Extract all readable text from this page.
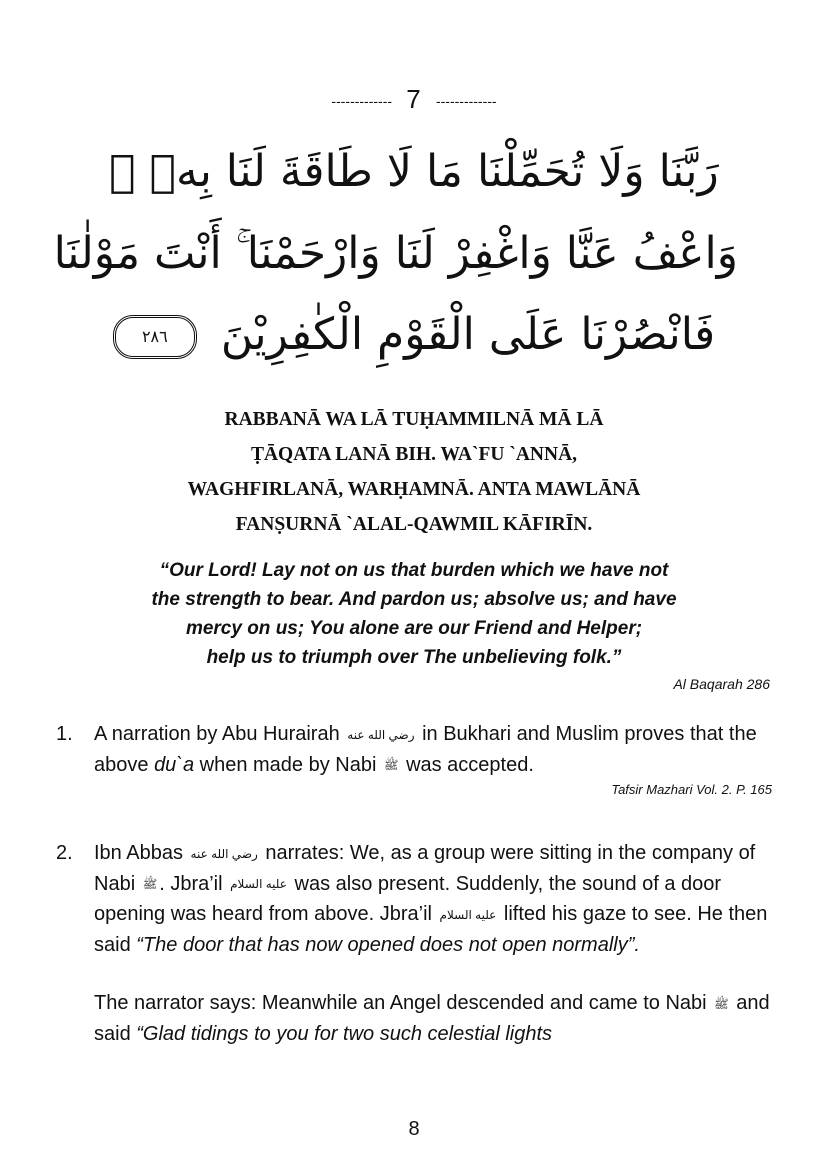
------------- 7 -------------
رَبَّنَا وَلَا تُحَمِّلْنَا مَا لَا طَاقَةَ لَنَا بِهٖ ۚ
وَاعْفُ عَنَّا وَاغْفِرْ لَنَا وَارْحَمْنَا ۚ أَنْتَ مَوْلٰنَا
فَانْصُرْنَا عَلَى الْقَوْمِ الْكٰفِرِيْنَ ٢٨٦
RABBANĀ WA LĀ TUḤAMMILNĀ MĀ LĀ
ṬĀQATA LANĀ BIH. WA`FU `ANNĀ,
WAGHFIRLANĀ, WARḤAMNĀ. ANTA MAWLĀNĀ
FANṢURNĀ `ALAL-QAWMIL KĀFIRĪN.
“Our Lord! Lay not on us that burden which we have not
the strength to bear. And pardon us; absolve us; and have
mercy on us; You alone are our Friend and Helper;
help us to triumph over The unbelieving folk.”
Al Baqarah 286
1. A narration by Abu Hurairah رضي الله عنه in Bukhari and Muslim proves that the above du`a when made by Nabi ﷺ was accepted.
Tafsir Mazhari Vol. 2. P. 165
2. Ibn Abbas رضي الله عنه narrates: We, as a group were sitting in the company of Nabi ﷺ . Jbra’il عليه السلام was also present. Suddenly, the sound of a door opening was heard from above. Jbra’il عليه السلام lifted his gaze to see. He then said “The door that has now opened does not open normally”.
The narrator says: Meanwhile an Angel descended and came to Nabi ﷺ and said “Glad tidings to you for two such celestial lights
8
